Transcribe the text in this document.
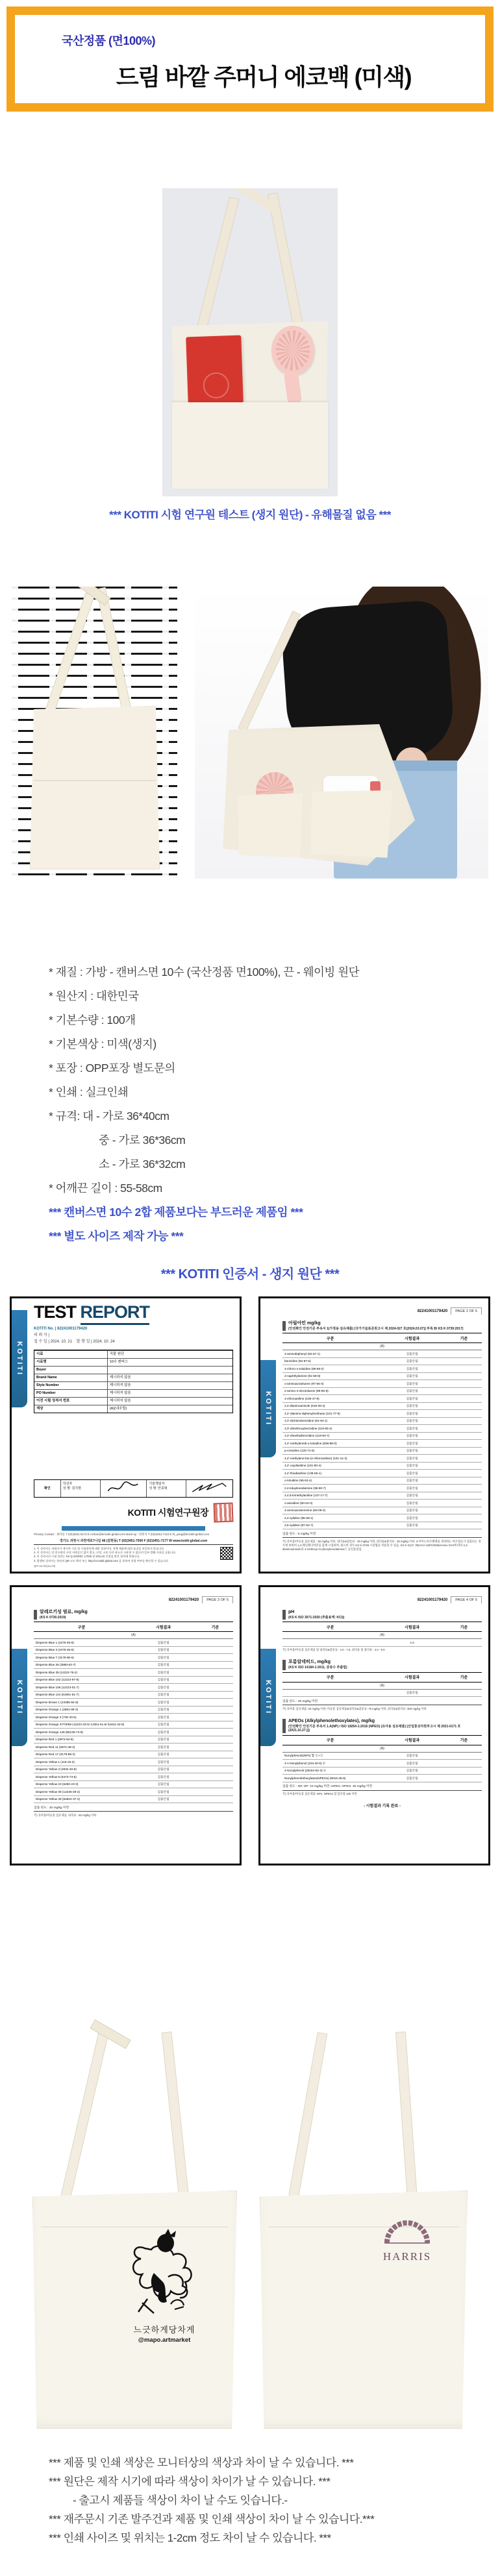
국산정품 (면100%)
드림 바깥 주머니 에코백 (미색)
*** KOTITI 시험 연구원 테스트 (생지 원단) - 유해물질 없음 ***
* 재질 : 가방 - 캔버스면 10수 (국산정품 면100%), 끈 - 웨이빙 원단
* 원산지 : 대한민국
* 기본수량 : 100개
* 기본색상 : 미색(생지)
* 포장 : OPP포장 별도문의
* 인쇄 : 실크인쇄
* 규격: 대 - 가로 36*40cm
중 - 가로 36*36cm
소 - 가로 36*32cm
* 어깨끈 길이 : 55-58cm
*** 캔버스면 10수 2합 제품보다는 부드러운 제품임 ***
*** 별도 사이즈 제작 가능 ***
*** KOTITI 인증서 - 생지 원단 ***
KOTITI
TEST REPORT
KOTITI No. | 82241001179420
의 뢰 자 |
접 수 일 | 2024. 10. 21 발 행 일 | 2024. 10. 24
시료	직물 원단
시료명	10수 캔버스
Buyer
Brand Name	제시하지 않음
Style Number	제시하지 않음
PO Number	제시하지 않음
이전 시험 성적서 번호	제시하지 않음
색상	(A)(내추럴)
확인
작성자
성 명: 김지현
기술책임자
성 명: 안종혁
KOTITI 시험연구원장
Primary Contact : 최아름 T (02)3451-6172 E mchan@kr.kotiti-global.com Back-up : 양홍석 T (02)3451-7110 E ht_yang@kr.kotiti-global.com
경기도 과천시 과천대로7나길 48 (갈현동) T (02)3451-7000 F (02)3451-7177 W www.kotiti-global.com
1. 이 성적서는 의뢰자가 제시한 시료 및 시험항목에 대한 결과이며, 전체 제품에 대한 품질을 보증하지 않습니다.
2. 이 성적서는 당 연구원의 사전 서면승인 없이 광고, 선전, 소송 등의 용도로 사용할 수 없으며 일부 발췌 사용을 금합니다.
3. 이 성적서의 시험 결과는 KS Q ISO/IEC 17025 및 KOLAS 인정을 받은 항목에 한합니다.
4. 발행된 성적서는 하단의 QR 코드 확인 또는 http://cs.kotiti-global.com 을 통하여 진위 여부를 확인할 수 있습니다.
QPI-16-03(rev.02)
KOTITI
82241001179420	PAGE 2 OF 5
아릴아민 mg/kg
(안전확인 안전기준 부속서 1(가정용 섬유제품) [국가기술표준원고시 제 2024-027 호(2024.03.07)] 부록 B/ KS K 0739:2017)
구분	시험결과	기준
(A)
4-aminobiphenyl (92-67-1)	검출안됨
benzidine (92-87-5)	검출안됨
4-chloro-o-toluidine (95-69-2)	검출안됨
2-naphthylamine (91-59-8)	검출안됨
o-aminoazotoluene (97-56-3)	검출안됨
2-amino-4-nitrotoluene (99-55-8)	검출안됨
4-chloroaniline (106-47-8)	검출안됨
2,4-diaminoanisole (615-05-4)	검출안됨
4,4'-diamino-diphenylmethane (101-77-9)	검출안됨
3,3'-dichlorobenzidine (91-94-1)	검출안됨
3,3'-dimethoxybenzidine (119-90-4)	검출안됨
3,3'-dimethylbenzidine (119-93-7)	검출안됨
4,4'-methylenedi-o-toluidine (838-88-0)	검출안됨
p-cresidine (120-71-8)	검출안됨
4,4'-methylene-bis-(2-chloroaniline) (101-14-4)	검출안됨
4,4'-oxydianiline (101-80-4)	검출안됨
4,4'-thiodianiline (139-65-1)	검출안됨
o-toluidine (95-53-4)	검출안됨
2,4-toluylenediamine (95-80-7)	검출안됨
2,4,5-trimethylaniline (137-17-7)	검출안됨
o-anisidine (90-04-0)	검출안됨
4-aminoazobenzene (60-09-3)	검출안됨
2,4-xylidine (95-68-1)	검출안됨
2,6-xylidine (87-62-7)	검출안됨
검출 한도 : 5 mg/kg 미만
주) 유아용/아동용 섬유제품 : 30 mg/kg 이하, 내의류&잠옷류 : 30 mg/kg 이하, 외의류&중의류 : 30 mg/kg 이하. 4-아미노아조벤젠을 생성하는 아조염료가 검출되는 경우에 한하여 1,4-페닐렌디아민을 함께 시험하며, 필요한 경우 KS K 0739 시험법을 적용할 수 있음. KS K 0147, REACH 1907/2006/Annex XVII에 따라 2,4-diaminoanisole과 4-methoxy-m-phenylenediamine은 동일물질임.
KOTITI
82241001179420	PAGE 3 OF 5
알레르기성 염료, mg/kg
(KS K 0736:2019)
구분	시험결과	기준
(A)
Disperse Blue 1 (2475-45-8)	검출안됨
Disperse Blue 3 (2475-46-9)	검출안됨
Disperse Blue 7 (3179-90-6)	검출안됨
Disperse Blue 26 (3860-63-7)	검출안됨
Disperse Blue 35 (12222-75-2)	검출안됨
Disperse Blue 102 (12222-97-8)	검출안됨
Disperse Blue 106 (12223-01-7)	검출안됨
Disperse Blue 124 (61951-51-7)	검출안됨
Disperse Brown 1 (23355-64-8)	검출안됨
Disperse Orange 1 (2581-69-3)	검출안됨
Disperse Orange 3 (730-40-5)	검출안됨
Disperse Orange 37/76/59 (12223-33-5/ 13301-61-6/ 51811-42-8)	검출안됨
Disperse Orange 149 (85136-74-9)	검출안됨
Disperse Red 1 (2872-52-8)	검출안됨
Disperse Red 11 (2872-48-2)	검출안됨
Disperse Red 17 (3179-89-3)	검출안됨
Disperse Yellow 1 (119-15-3)	검출안됨
Disperse Yellow 3 (2832-40-8)	검출안됨
Disperse Yellow 9 (6373-73-5)	검출안됨
Disperse Yellow 23 (6250-23-3)	검출안됨
Disperse Yellow 39 (12236-29-2)	검출안됨
Disperse Yellow 49 (54824-37-2)	검출안됨
검출 한도 : 20 mg/kg 미만
주) 유아용/아동용 섬유제품, 내의류 : 50 mg/kg 이하
KOTITI
82241001179420	PAGE 4 OF 5
pH
(KS K ISO 3071:2020 (추출용액: KCl))
구분	시험결과	기준
(A)
4.6
주) 유아용/아동용 섬유제품 및 내의류&잠옷류 : 4.0 - 7.5, 외의류 및 중의류 : 4.0 - 9.0
포름알데히드, mg/kg
(KS K ISO 14184-1:2011, 증류수 추출법)
구분	시험결과	기준
(A)
검출안됨
검출 한도 : 20 mg/kg 미만
주) 유아용 섬유제품: 20 mg/kg 이하, 아동용 섬유제품&내의류&잠옷류: 75 mg/kg 이하, 외의류&중의류: 300 mg/kg 이하
APEOs (Alkylphenolethoxylates), mg/kg
(안전확인 안전기준 부속서 1.A(NP) / ISO 18254-1:2016 (NPEO) (유아용 섬유제품) [산업통상자원부고시 제 2021-0171 호 (2021.10.27.)])
구분	시험결과	기준
(A)
Nonylphenols(NPs) 합 ①+②	검출안됨
4-n-Nonylphenol (104-40-5) ①	검출안됨
4-Nonylphenol (25154-52-3) ②	검출안됨
Nonylphenolethoxylates(NPEOs) (9016-45-9)	검출안됨
검출 한도 : NP, OP: 10 mg/kg 미만, NPEO, OPEO: 30 mg/kg 미만
주) 유아용/아동용 섬유제품: NPs, NPEOs 합 함유량 100 미만
- 시험결과 기록 완료 -
느긋하게당차게
@mapo.artmarket
HARRIS
*** 제품 및 인쇄 색상은 모니터상의 색상과 차이 날 수 있습니다. ***
*** 원단은 제작 시기에 따라 색상이 차이가 날 수 있습니다. ***
- 출고시 제품들 색상이 차이 날 수도 잇습니다.-
*** 재주문시 기존 발주건과 제품 및 인쇄 색상이 차이 날 수 있습니다.***
*** 인쇄 사이즈 및 위치는 1-2cm 정도 차이 날 수 있습니다. ***
